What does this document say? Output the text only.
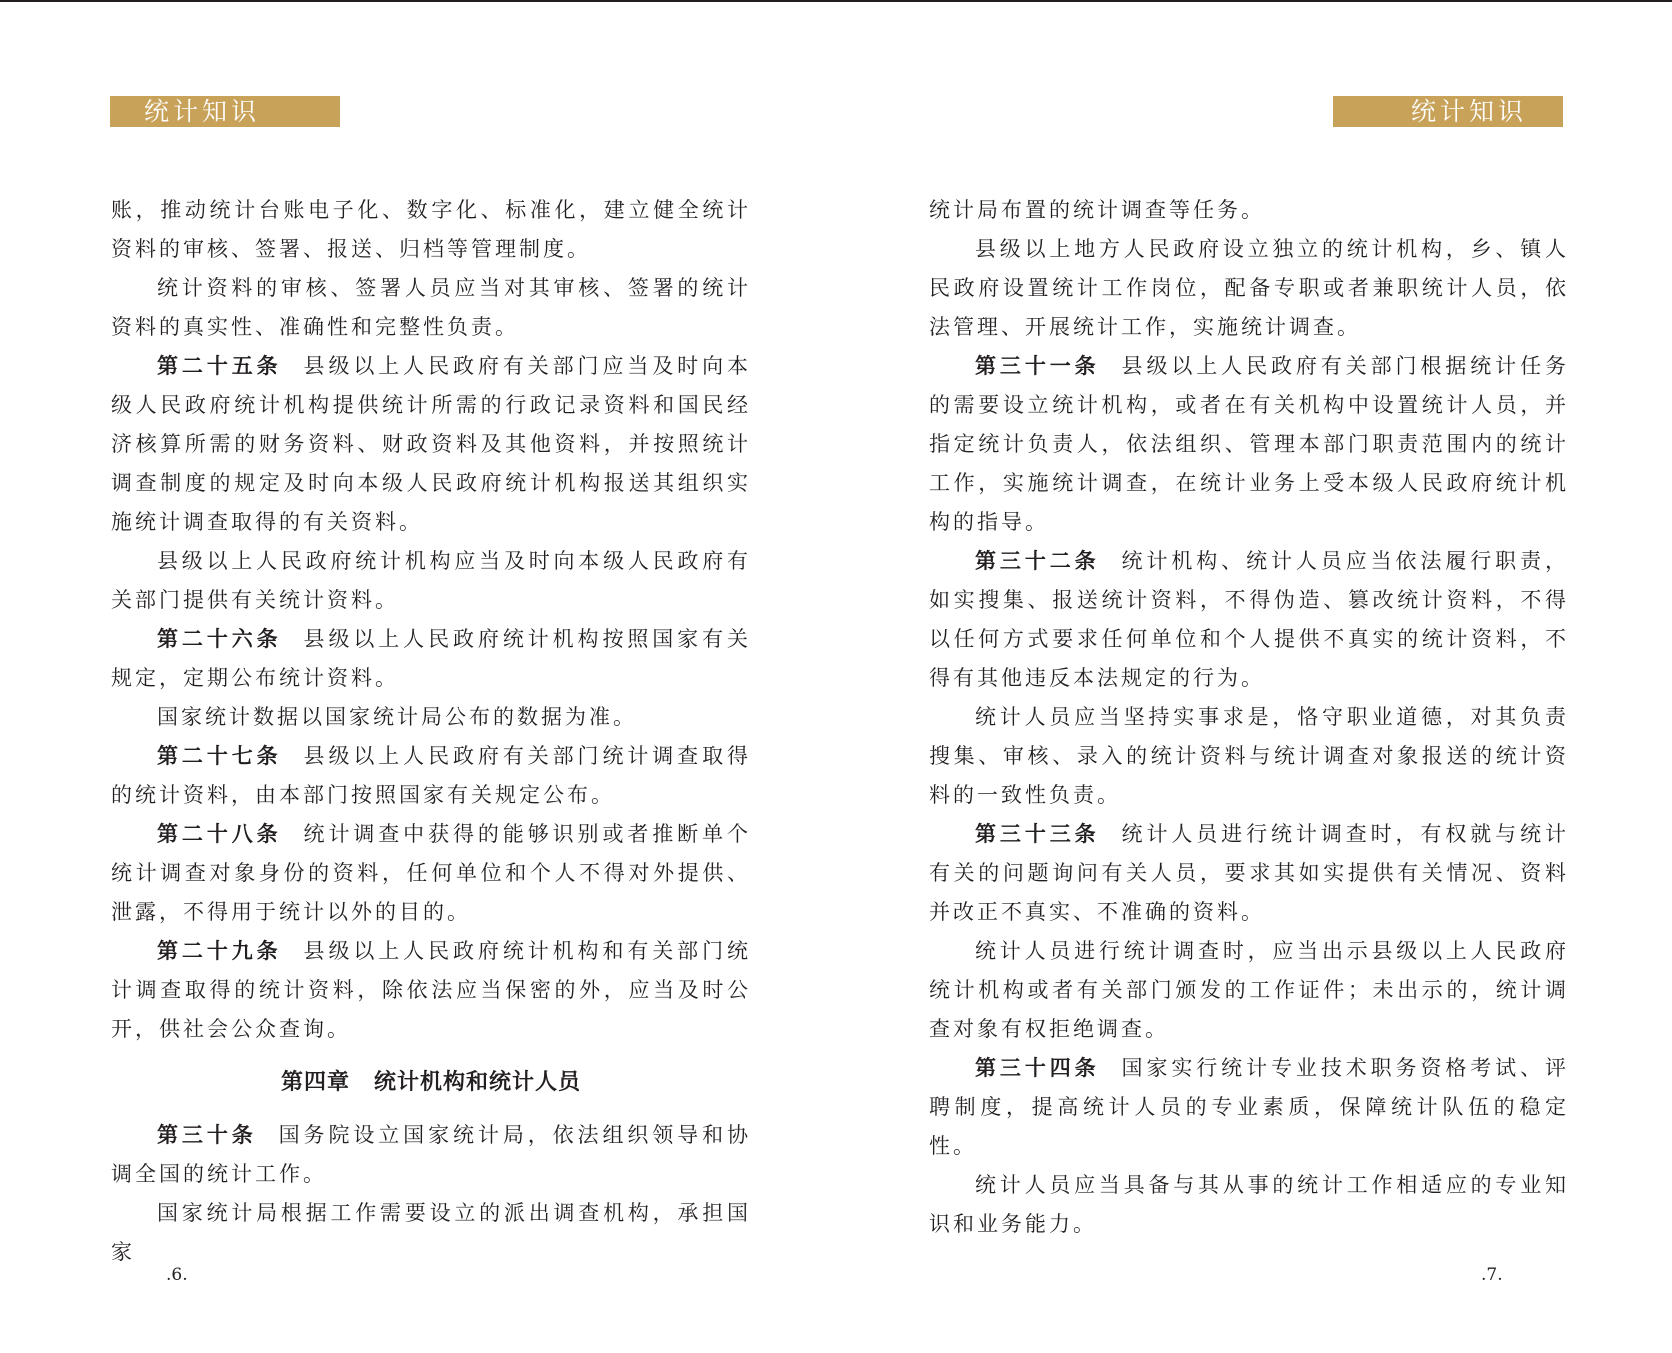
统计知识	统计知识

账，推动统计台账电子化、数字化、标准化，建立健全统计资料的审核、签署、报送、归档等管理制度。

统计资料的审核、签署人员应当对其审核、签署的统计资料的真实性、准确性和完整性负责。

第二十五条 县级以上人民政府有关部门应当及时向本级人民政府统计机构提供统计所需的行政记录资料和国民经济核算所需的财务资料、财政资料及其他资料，并按照统计调查制度的规定及时向本级人民政府统计机构报送其组织实施统计调查取得的有关资料。

县级以上人民政府统计机构应当及时向本级人民政府有关部门提供有关统计资料。

第二十六条 县级以上人民政府统计机构按照国家有关规定，定期公布统计资料。

国家统计数据以国家统计局公布的数据为准。

第二十七条 县级以上人民政府有关部门统计调查取得的统计资料，由本部门按照国家有关规定公布。

第二十八条 统计调查中获得的能够识别或者推断单个统计调查对象身份的资料，任何单位和个人不得对外提供、泄露，不得用于统计以外的目的。

第二十九条 县级以上人民政府统计机构和有关部门统计调查取得的统计资料，除依法应当保密的外，应当及时公开，供社会公众查询。

第四章 统计机构和统计人员

第三十条 国务院设立国家统计局，依法组织领导和协调全国的统计工作。

国家统计局根据工作需要设立的派出调查机构，承担国家

统计局布置的统计调查等任务。

县级以上地方人民政府设立独立的统计机构，乡、镇人民政府设置统计工作岗位，配备专职或者兼职统计人员，依法管理、开展统计工作，实施统计调查。

第三十一条 县级以上人民政府有关部门根据统计任务的需要设立统计机构，或者在有关机构中设置统计人员，并指定统计负责人，依法组织、管理本部门职责范围内的统计工作，实施统计调查，在统计业务上受本级人民政府统计机构的指导。

第三十二条 统计机构、统计人员应当依法履行职责，如实搜集、报送统计资料，不得伪造、篡改统计资料，不得以任何方式要求任何单位和个人提供不真实的统计资料，不得有其他违反本法规定的行为。

统计人员应当坚持实事求是，恪守职业道德，对其负责搜集、审核、录入的统计资料与统计调查对象报送的统计资料的一致性负责。

第三十三条 统计人员进行统计调查时，有权就与统计有关的问题询问有关人员，要求其如实提供有关情况、资料并改正不真实、不准确的资料。

统计人员进行统计调查时，应当出示县级以上人民政府统计机构或者有关部门颁发的工作证件；未出示的，统计调查对象有权拒绝调查。

第三十四条 国家实行统计专业技术职务资格考试、评聘制度，提高统计人员的专业素质，保障统计队伍的稳定性。

统计人员应当具备与其从事的统计工作相适应的专业知识和业务能力。

.6.	.7.
